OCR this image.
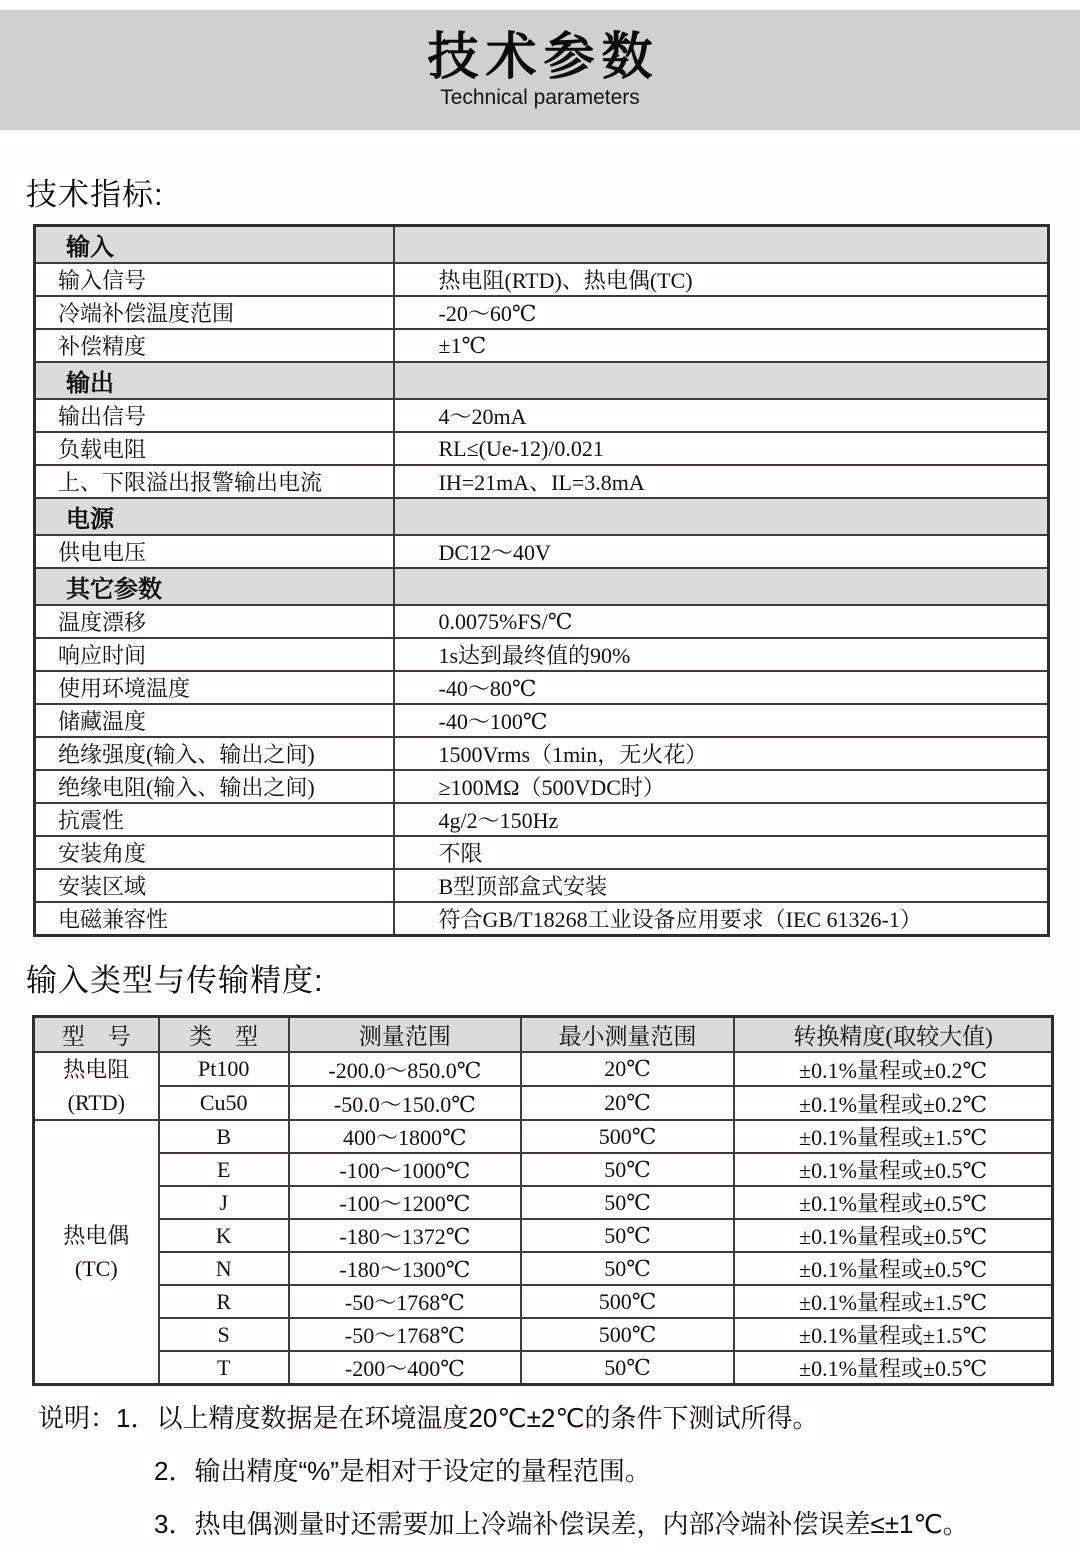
技术参数
Technical parameters
技术指标:
输入	
输入信号	热电阻(RTD)、热电偶(TC)
冷端补偿温度范围	-20～60℃
补偿精度	±1℃
输出	
输出信号	4～20mA
负载电阻	RL≤(Ue-12)/0.021
上、下限溢出报警输出电流	IH=21mA、IL=3.8mA
电源	
供电电压	DC12～40V
其它参数	
温度漂移	0.0075%FS/℃
响应时间	1s达到最终值的90%
使用环境温度	-40～80℃
储藏温度	-40～100℃
绝缘强度(输入、输出之间)	1500Vrms（1min，无火花）
绝缘电阻(输入、输出之间)	≥100MΩ（500VDC时）
抗震性	4g/2～150Hz
安装角度	不限
安装区域	B型顶部盒式安装
电磁兼容性	符合GB/T18268工业设备应用要求（IEC 61326-1）
输入类型与传输精度:
型　号	类　型	测量范围	最小测量范围	转换精度(取较大值)

热电阻
(RTD)	Pt100	-200.0～850.0℃	20℃	±0.1%量程或±0.2℃
	Cu50	-50.0～150.0℃	20℃	±0.1%量程或±0.2℃

热电偶
(TC)	B	400～1800℃	500℃	±0.1%量程或±1.5℃
	E	-100～1000℃	50℃	±0.1%量程或±0.5℃
	J	-100～1200℃	50℃	±0.1%量程或±0.5℃
	K	-180～1372℃	50℃	±0.1%量程或±0.5℃
	N	-180～1300℃	50℃	±0.1%量程或±0.5℃
	R	-50～1768℃	500℃	±0.1%量程或±1.5℃
	S	-50～1768℃	500℃	±0.1%量程或±1.5℃
	T	-200～400℃	50℃	±0.1%量程或±0.5℃
说明：1．以上精度数据是在环境温度20℃±2℃的条件下测试所得。
2．输出精度“%”是相对于设定的量程范围。
3．热电偶测量时还需要加上冷端补偿误差，内部冷端补偿误差≤±1℃。
